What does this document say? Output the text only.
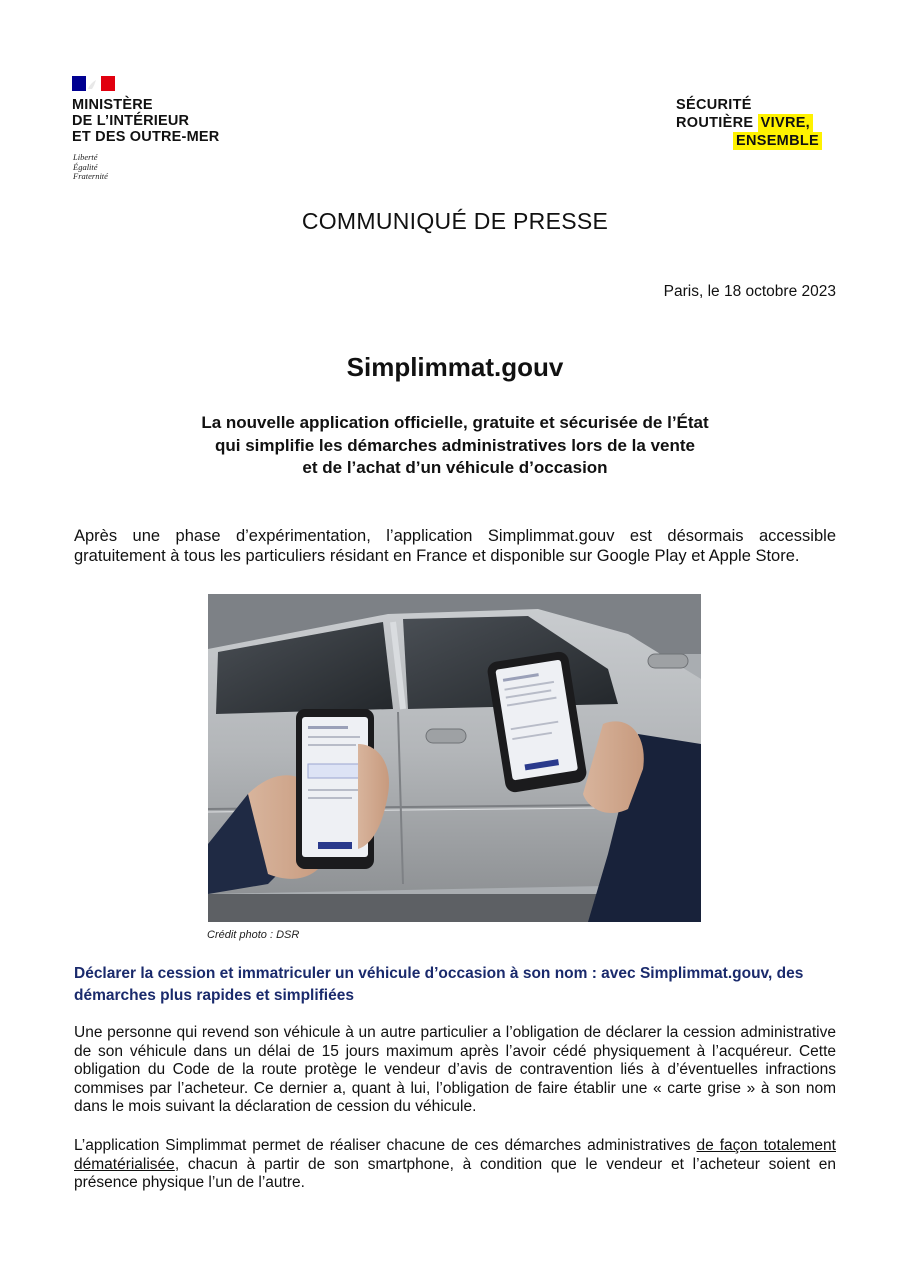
MINISTÈRE
DE L’INTÉRIEUR
ET DES OUTRE-MER
Liberté
Égalité
Fraternité
SÉCURITÉ
ROUTIÈRE VIVRE,
ENSEMBLE
COMMUNIQUÉ DE PRESSE
Paris, le 18 octobre 2023
Simplimmat.gouv
La nouvelle application officielle, gratuite et sécurisée de l’État
qui simplifie les démarches administratives lors de la vente
et de l’achat d’un véhicule d’occasion
Après une phase d’expérimentation, l’application Simplimmat.gouv est désormais accessible gratuitement à tous les particuliers résidant en France et disponible sur Google Play et Apple Store.
Crédit photo : DSR
Déclarer la cession et immatriculer un véhicule d’occasion à son nom : avec Simplimmat.gouv, des démarches plus rapides et simplifiées
Une personne qui revend son véhicule à un autre particulier a l’obligation de déclarer la cession administrative de son véhicule dans un délai de 15 jours maximum après l’avoir cédé physiquement à l’acquéreur. Cette obligation du Code de la route protège le vendeur d’avis de contravention liés à d’éventuelles infractions commises par l’acheteur. Ce dernier a, quant à lui, l’obligation de faire établir une « carte grise » à son nom dans le mois suivant la déclaration de cession du véhicule.
L’application Simplimmat permet de réaliser chacune de ces démarches administratives de façon totalement dématérialisée, chacun à partir de son smartphone, à condition que le vendeur et l’acheteur soient en présence physique l’un de l’autre.
